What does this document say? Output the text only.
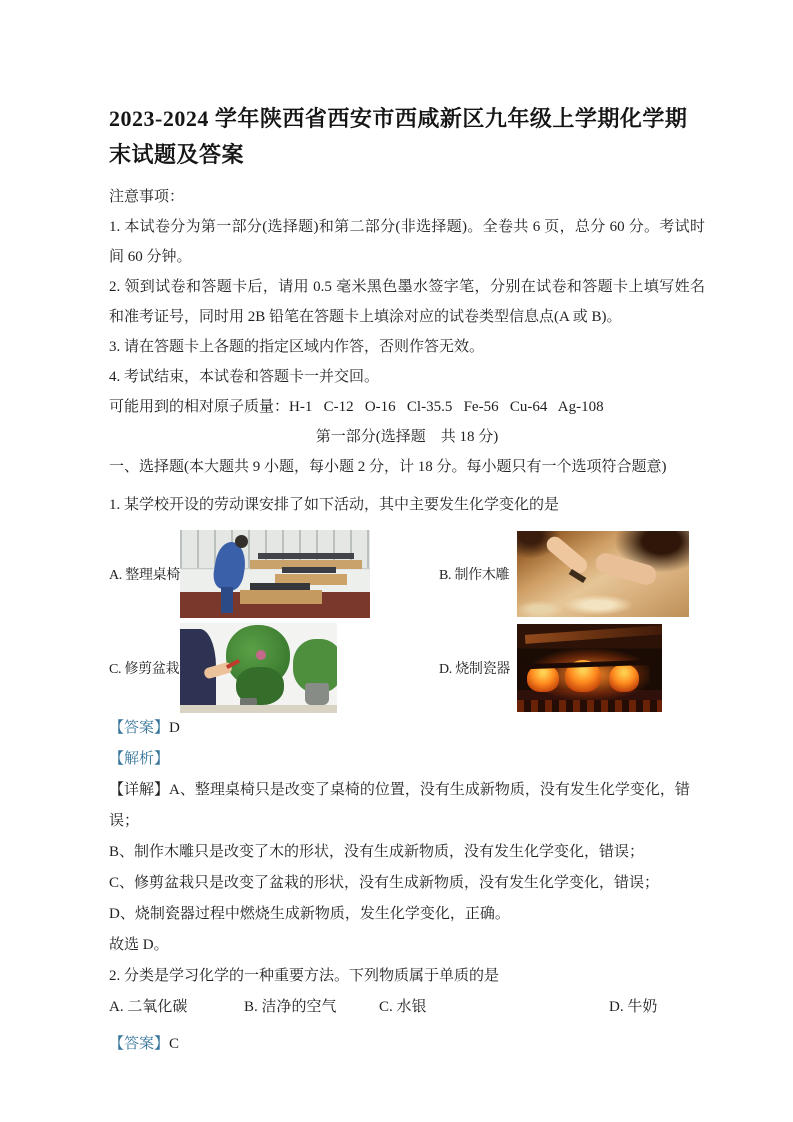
2023-2024 学年陕西省西安市西咸新区九年级上学期化学期末试题及答案

注意事项：

1. 本试卷分为第一部分(选择题)和第二部分(非选择题)。全卷共 6 页，总分 60 分。考试时间 60 分钟。

2. 领到试卷和答题卡后，请用 0.5 毫米黑色墨水签字笔，分别在试卷和答题卡上填写姓名和准考证号，同时用 2B 铅笔在答题卡上填涂对应的试卷类型信息点(A 或 B)。

3. 请在答题卡上各题的指定区域内作答，否则作答无效。

4. 考试结束，本试卷和答题卡一并交回。

可能用到的相对原子质量：H-1   C-12   O-16   Cl-35.5   Fe-56   Cu-64   Ag-108

第一部分(选择题　共 18 分)

一、选择题(本大题共 9 小题，每小题 2 分，计 18 分。每小题只有一个选项符合题意)

1. 某学校开设的劳动课安排了如下活动，其中主要发生化学变化的是

A. 整理桌椅	B. 制作木雕
C. 修剪盆栽	D. 烧制瓷器

【答案】D

【解析】

【详解】A、整理桌椅只是改变了桌椅的位置，没有生成新物质，没有发生化学变化，错误；

B、制作木雕只是改变了木的形状，没有生成新物质，没有发生化学变化，错误；

C、修剪盆栽只是改变了盆栽的形状，没有生成新物质，没有发生化学变化，错误；

D、烧制瓷器过程中燃烧生成新物质，发生化学变化，正确。

故选 D。

2. 分类是学习化学的一种重要方法。下列物质属于单质的是

A. 二氧化碳	B. 洁净的空气	C. 水银	D. 牛奶

【答案】C
